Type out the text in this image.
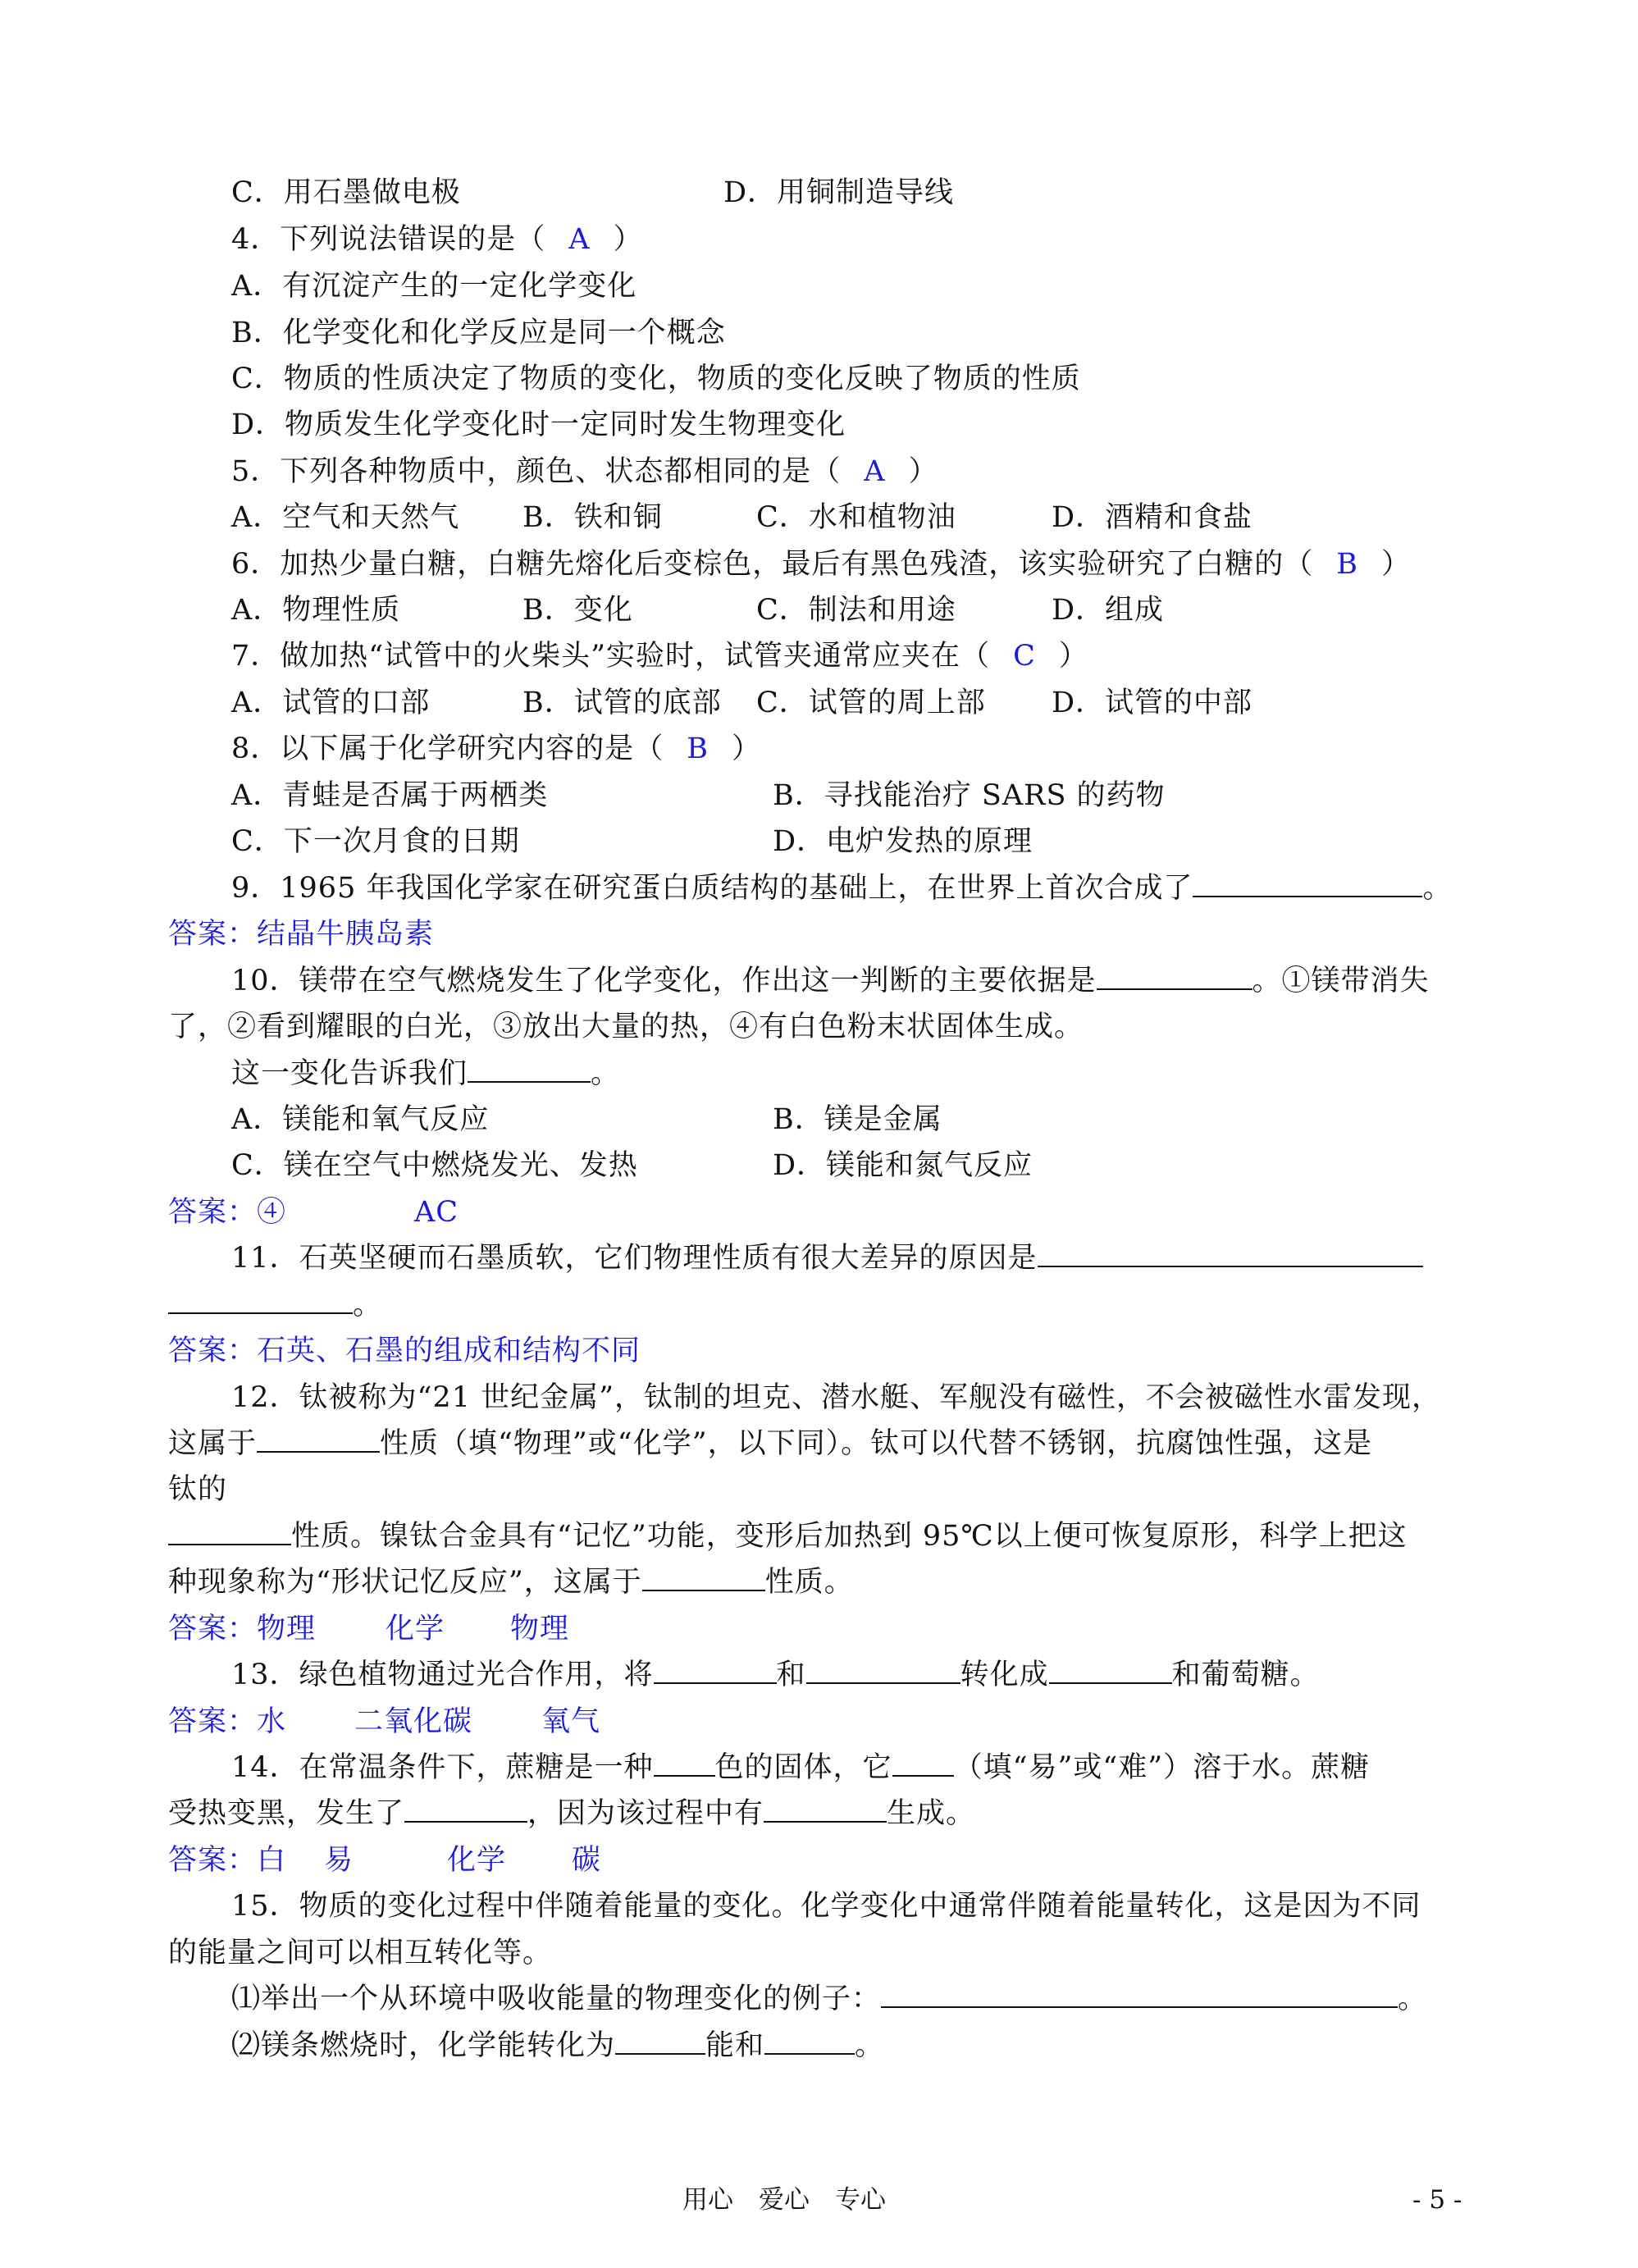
C．用石墨做电极	D．用铜制造导线
4．下列说法错误的是（ A ）
A．有沉淀产生的一定化学变化
B．化学变化和化学反应是同一个概念
C．物质的性质决定了物质的变化，物质的变化反映了物质的性质
D．物质发生化学变化时一定同时发生物理变化
5．下列各种物质中，颜色、状态都相同的是（ A ）
A．空气和天然气 B．铁和铜	C．水和植物油	D．酒精和食盐
6．加热少量白糖，白糖先熔化后变棕色，最后有黑色残渣，该实验研究了白糖的（ B ）
A．物理性质	B．变化	C．制法和用途	D．组成
7．做加热“试管中的火柴头”实验时，试管夹通常应夹在（ C ）
A．试管的口部	B．试管的底部 C．试管的周上部 D．试管的中部
8．以下属于化学研究内容的是（ B ）
A．青蛙是否属于两栖类	B．寻找能治疗 SARS 的药物
C．下一次月食的日期	D．电炉发热的原理
9．1965 年我国化学家在研究蛋白质结构的基础上，在世界上首次合成了	。
答案：结晶牛胰岛素
10．镁带在空气燃烧发生了化学变化，作出这一判断的主要依据是	。①镁带消失
了，②看到耀眼的白光，③放出大量的热，④有白色粉末状固体生成。
这一变化告诉我们	。
A．镁能和氧气反应	B．镁是金属
C．镁在空气中燃烧发光、发热	D．镁能和氮气反应
答案：④	AC
11．石英坚硬而石墨质软，它们物理性质有很大差异的原因是
。
答案：石英、石墨的组成和结构不同
12．钛被称为“21 世纪金属”，钛制的坦克、潜水艇、军舰没有磁性，不会被磁性水雷发现，
这属于	性质（填“物理”或“化学”，以下同）。钛可以代替不锈钢，抗腐蚀性强，这是
钛的
性质。镍钛合金具有“记忆”功能，变形后加热到 95℃以上便可恢复原形，科学上把这
种现象称为“形状记忆反应”，这属于	性质。
答案：物理 化学 物理
13．绿色植物通过光合作用，将	和	转化成	和葡萄糖。
答案：水 二氧化碳 氧气
14．在常温条件下，蔗糖是一种 色的固体，它 （填“易”或“难”）溶于水。蔗糖
受热变黑，发生了	，因为该过程中有	生成。
答案：白 易	化学 碳
15．物质的变化过程中伴随着能量的变化。化学变化中通常伴随着能量转化，这是因为不同
的能量之间可以相互转化等。
⑴举出一个从环境中吸收能量的物理变化的例子：	。
⑵镁条燃烧时，化学能转化为	能和	。
用心　爱心　专心	- 5 -
